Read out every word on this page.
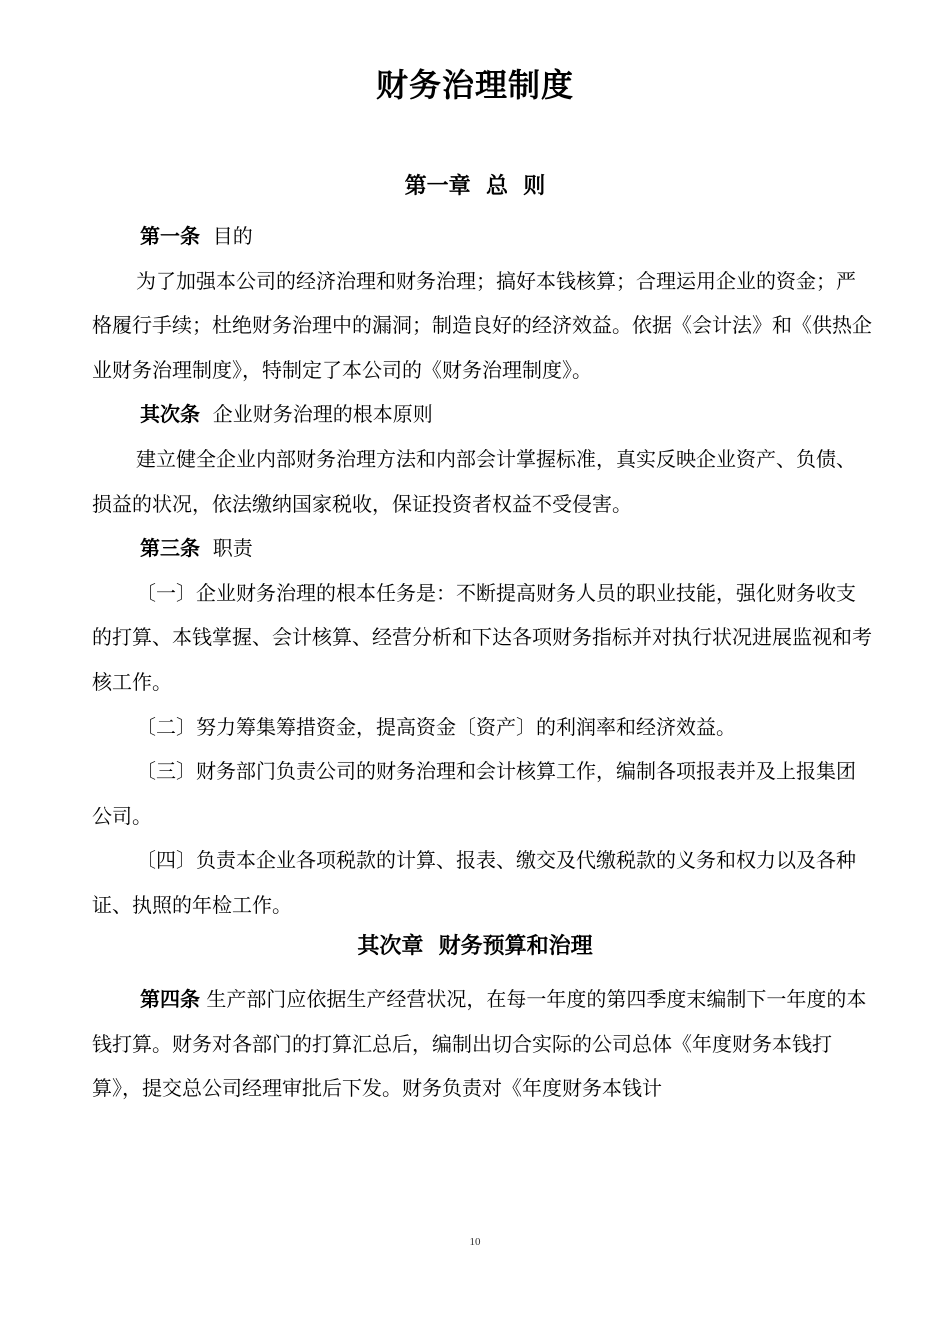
财务治理制度
第一章  总  则

第一条 目的

为了加强本公司的经济治理和财务治理；搞好本钱核算；合理运用企业的资金；严格履行手续；杜绝财务治理中的漏洞；制造良好的经济效益。依据《会计法》和《供热企业财务治理制度》，特制定了本公司的《财务治理制度》。

其次条 企业财务治理的根本原则

建立健全企业内部财务治理方法和内部会计掌握标准，真实反映企业资产、负债、损益的状况，依法缴纳国家税收，保证投资者权益不受侵害。

第三条 职责

〔一〕企业财务治理的根本任务是：不断提高财务人员的职业技能，强化财务收支的打算、本钱掌握、会计核算、经营分析和下达各项财务指标并对执行状况进展监视和考核工作。

〔二〕努力筹集筹措资金，提高资金〔资产〕的利润率和经济效益。

〔三〕财务部门负责公司的财务治理和会计核算工作，编制各项报表并及上报集团公司。

〔四〕负责本企业各项税款的计算、报表、缴交及代缴税款的义务和权力以及各种证、执照的年检工作。

其次章  财务预算和治理

第四条 生产部门应依据生产经营状况，在每一年度的第四季度末编制下一年度的本钱打算。财务对各部门的打算汇总后，编制出切合实际的公司总体《年度财务本钱打算》，提交总公司经理审批后下发。财务负责对《年度财务本钱计

10
